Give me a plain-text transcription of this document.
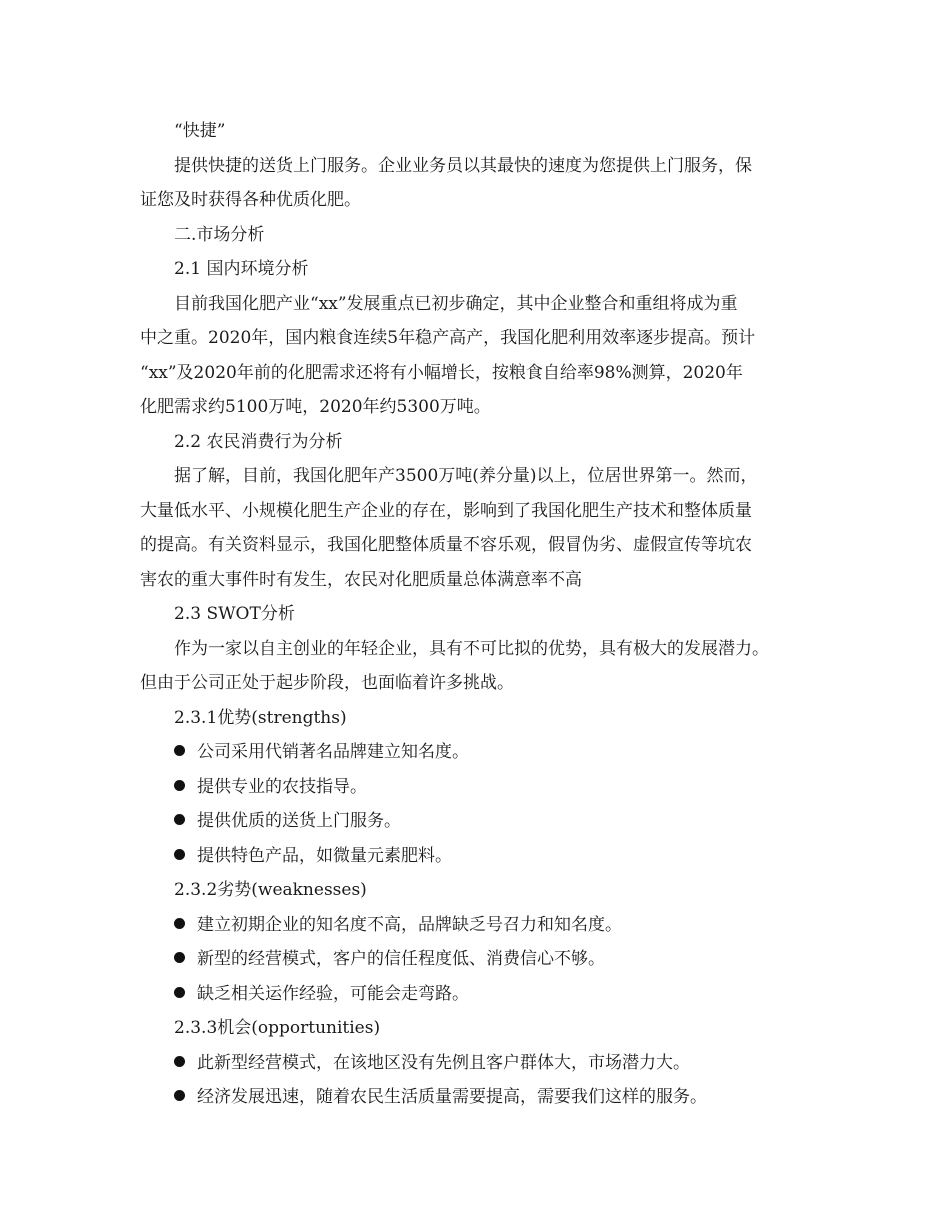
“快捷”
提供快捷的送货上门服务。企业业务员以其最快的速度为您提供上门服务，保
证您及时获得各种优质化肥。
二.市场分析
2.1 国内环境分析
目前我国化肥产业“xx”发展重点已初步确定，其中企业整合和重组将成为重
中之重。2020年，国内粮食连续5年稳产高产，我国化肥利用效率逐步提高。预计
“xx”及2020年前的化肥需求还将有小幅增长，按粮食自给率98%测算，2020年
化肥需求约5100万吨，2020年约5300万吨。
2.2 农民消费行为分析
据了解，目前，我国化肥年产3500万吨(养分量)以上，位居世界第一。然而，
大量低水平、小规模化肥生产企业的存在，影响到了我国化肥生产技术和整体质量
的提高。有关资料显示，我国化肥整体质量不容乐观，假冒伪劣、虚假宣传等坑农
害农的重大事件时有发生，农民对化肥质量总体满意率不高
2.3 SWOT分析
作为一家以自主创业的年轻企业，具有不可比拟的优势，具有极大的发展潜力。
但由于公司正处于起步阶段，也面临着许多挑战。
2.3.1优势(strengths)
公司采用代销著名品牌建立知名度。
提供专业的农技指导。
提供优质的送货上门服务。
提供特色产品，如微量元素肥料。
2.3.2劣势(weaknesses)
建立初期企业的知名度不高，品牌缺乏号召力和知名度。
新型的经营模式，客户的信任程度低、消费信心不够。
缺乏相关运作经验，可能会走弯路。
2.3.3机会(opportunities)
此新型经营模式，在该地区没有先例且客户群体大，市场潜力大。
经济发展迅速，随着农民生活质量需要提高，需要我们这样的服务。
